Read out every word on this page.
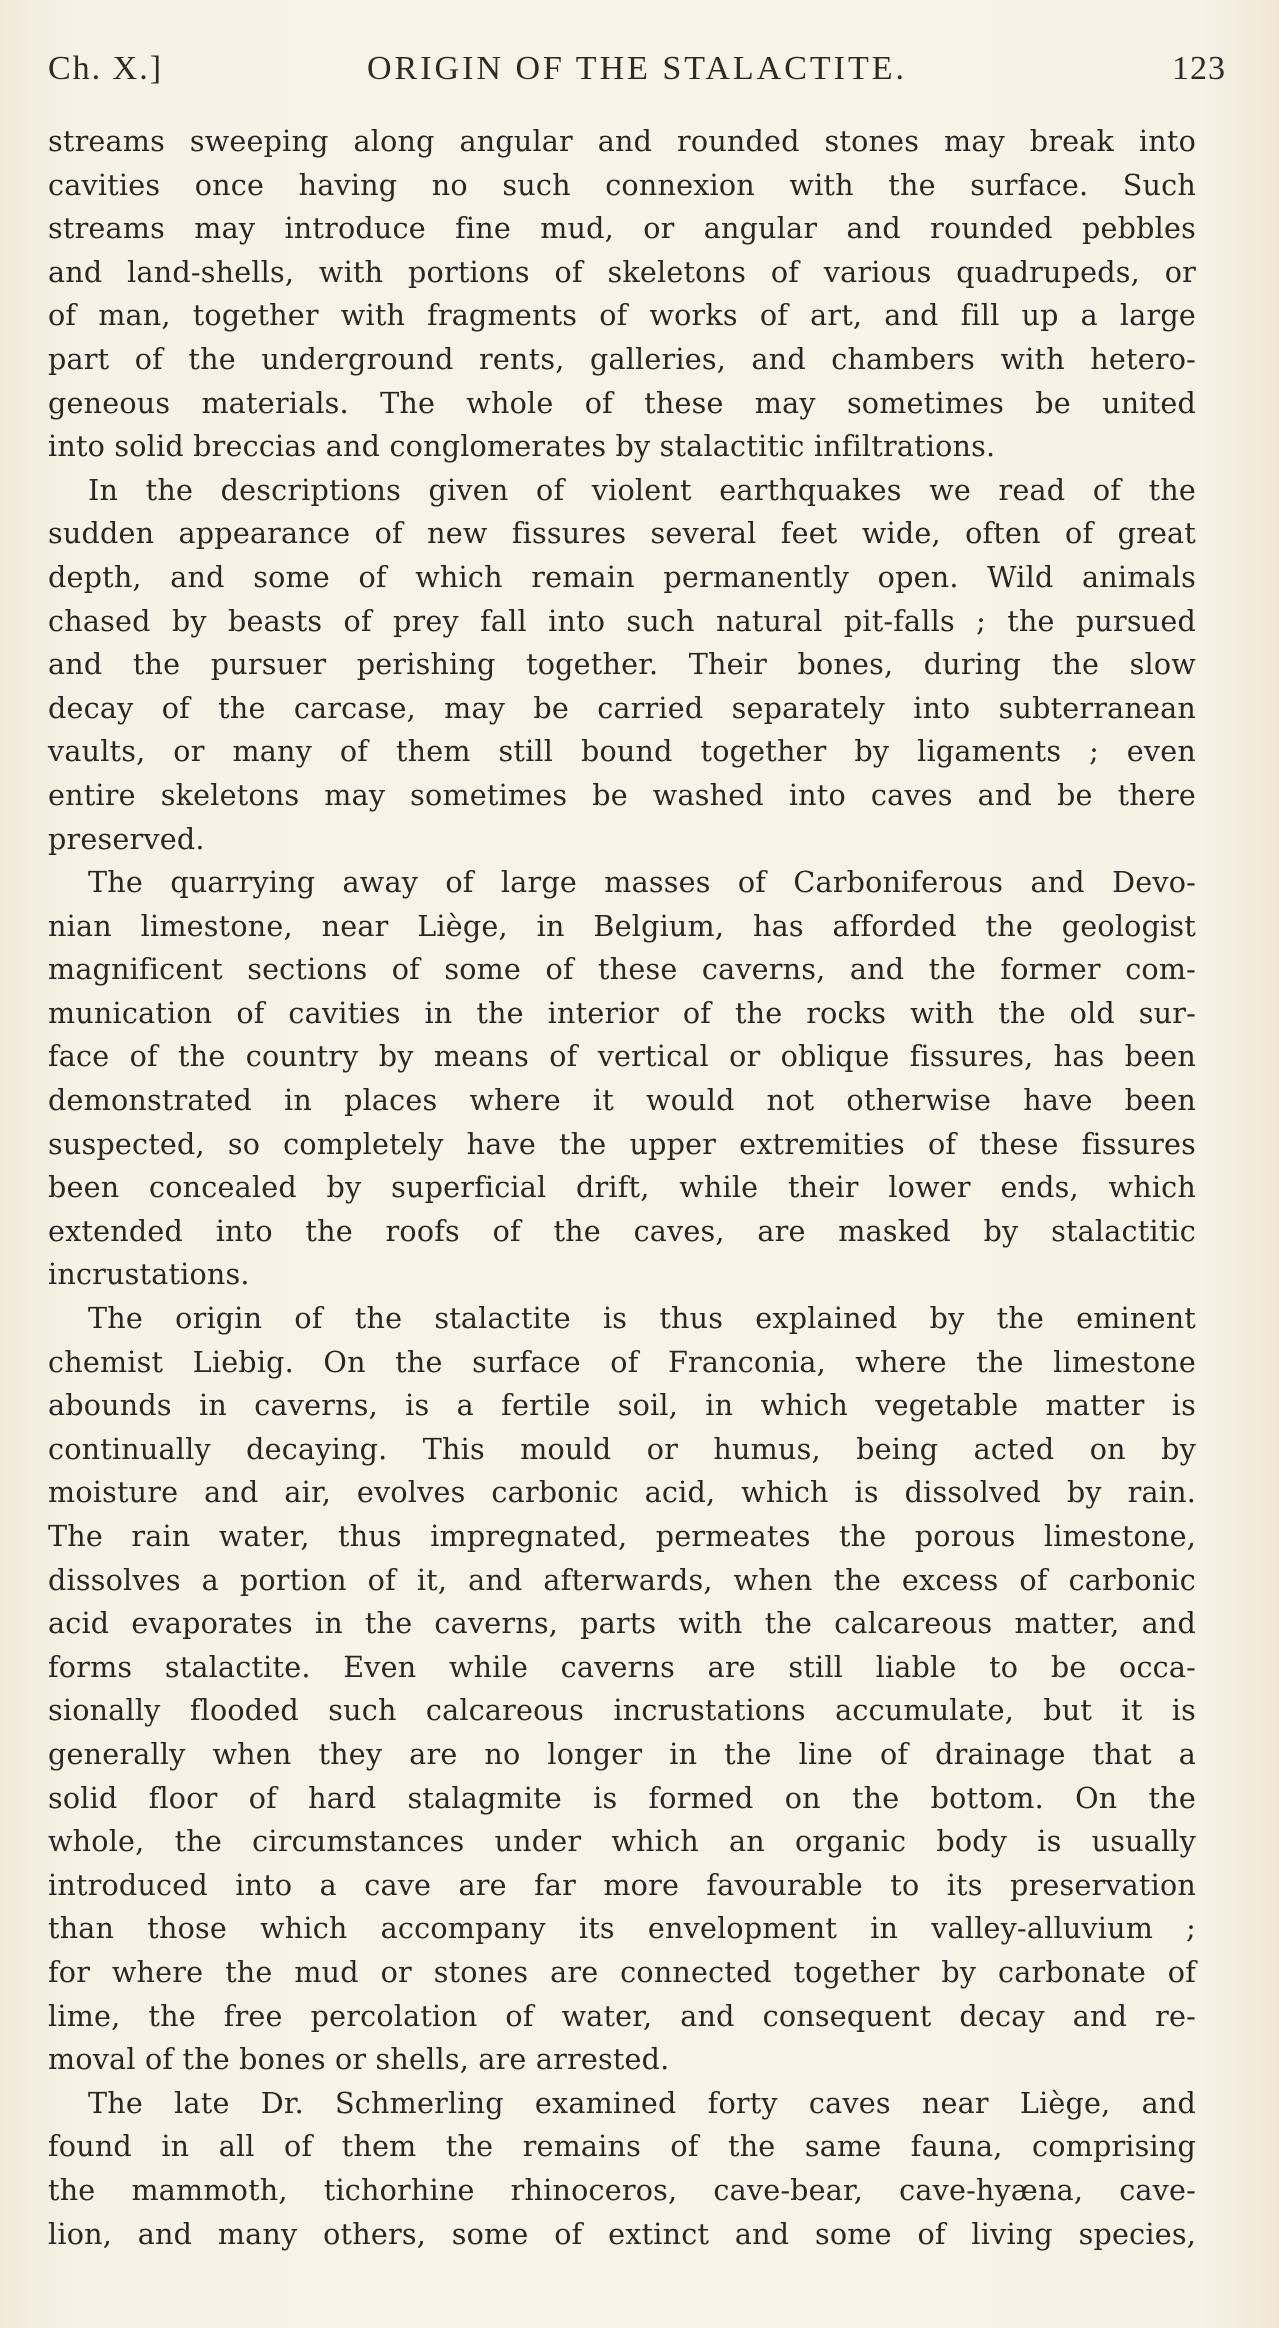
ORIGIN OF THE STALACTITE.
Ch. X.]	123
streams sweeping along angular and rounded stones may break into
cavities once having no such connexion with the surface. Such
streams may introduce fine mud, or angular and rounded pebbles
and land-shells, with portions of skeletons of various quadrupeds, or
of man, together with fragments of works of art, and fill up a large
part of the underground rents, galleries, and chambers with hetero-
geneous materials. The whole of these may sometimes be united
into solid breccias and conglomerates by stalactitic infiltrations.
In the descriptions given of violent earthquakes we read of the
sudden appearance of new fissures several feet wide, often of great
depth, and some of which remain permanently open. Wild animals
chased by beasts of prey fall into such natural pit-falls ; the pursued
and the pursuer perishing together. Their bones, during the slow
decay of the carcase, may be carried separately into subterranean
vaults, or many of them still bound together by ligaments ; even
entire skeletons may sometimes be washed into caves and be there
preserved.
The quarrying away of large masses of Carboniferous and Devo-
nian limestone, near Liège, in Belgium, has afforded the geologist
magnificent sections of some of these caverns, and the former com-
munication of cavities in the interior of the rocks with the old sur-
face of the country by means of vertical or oblique fissures, has been
demonstrated in places where it would not otherwise have been
suspected, so completely have the upper extremities of these fissures
been concealed by superficial drift, while their lower ends, which
extended into the roofs of the caves, are masked by stalactitic
incrustations.
The origin of the stalactite is thus explained by the eminent
chemist Liebig. On the surface of Franconia, where the limestone
abounds in caverns, is a fertile soil, in which vegetable matter is
continually decaying. This mould or humus, being acted on by
moisture and air, evolves carbonic acid, which is dissolved by rain.
The rain water, thus impregnated, permeates the porous limestone,
dissolves a portion of it, and afterwards, when the excess of carbonic
acid evaporates in the caverns, parts with the calcareous matter, and
forms stalactite. Even while caverns are still liable to be occa-
sionally flooded such calcareous incrustations accumulate, but it is
generally when they are no longer in the line of drainage that a
solid floor of hard stalagmite is formed on the bottom. On the
whole, the circumstances under which an organic body is usually
introduced into a cave are far more favourable to its preservation
than those which accompany its envelopment in valley-alluvium ;
for where the mud or stones are connected together by carbonate of
lime, the free percolation of water, and consequent decay and re-
moval of the bones or shells, are arrested.
The late Dr. Schmerling examined forty caves near Liège, and
found in all of them the remains of the same fauna, comprising
the mammoth, tichorhine rhinoceros, cave-bear, cave-hyæna, cave-
lion, and many others, some of extinct and some of living species,
